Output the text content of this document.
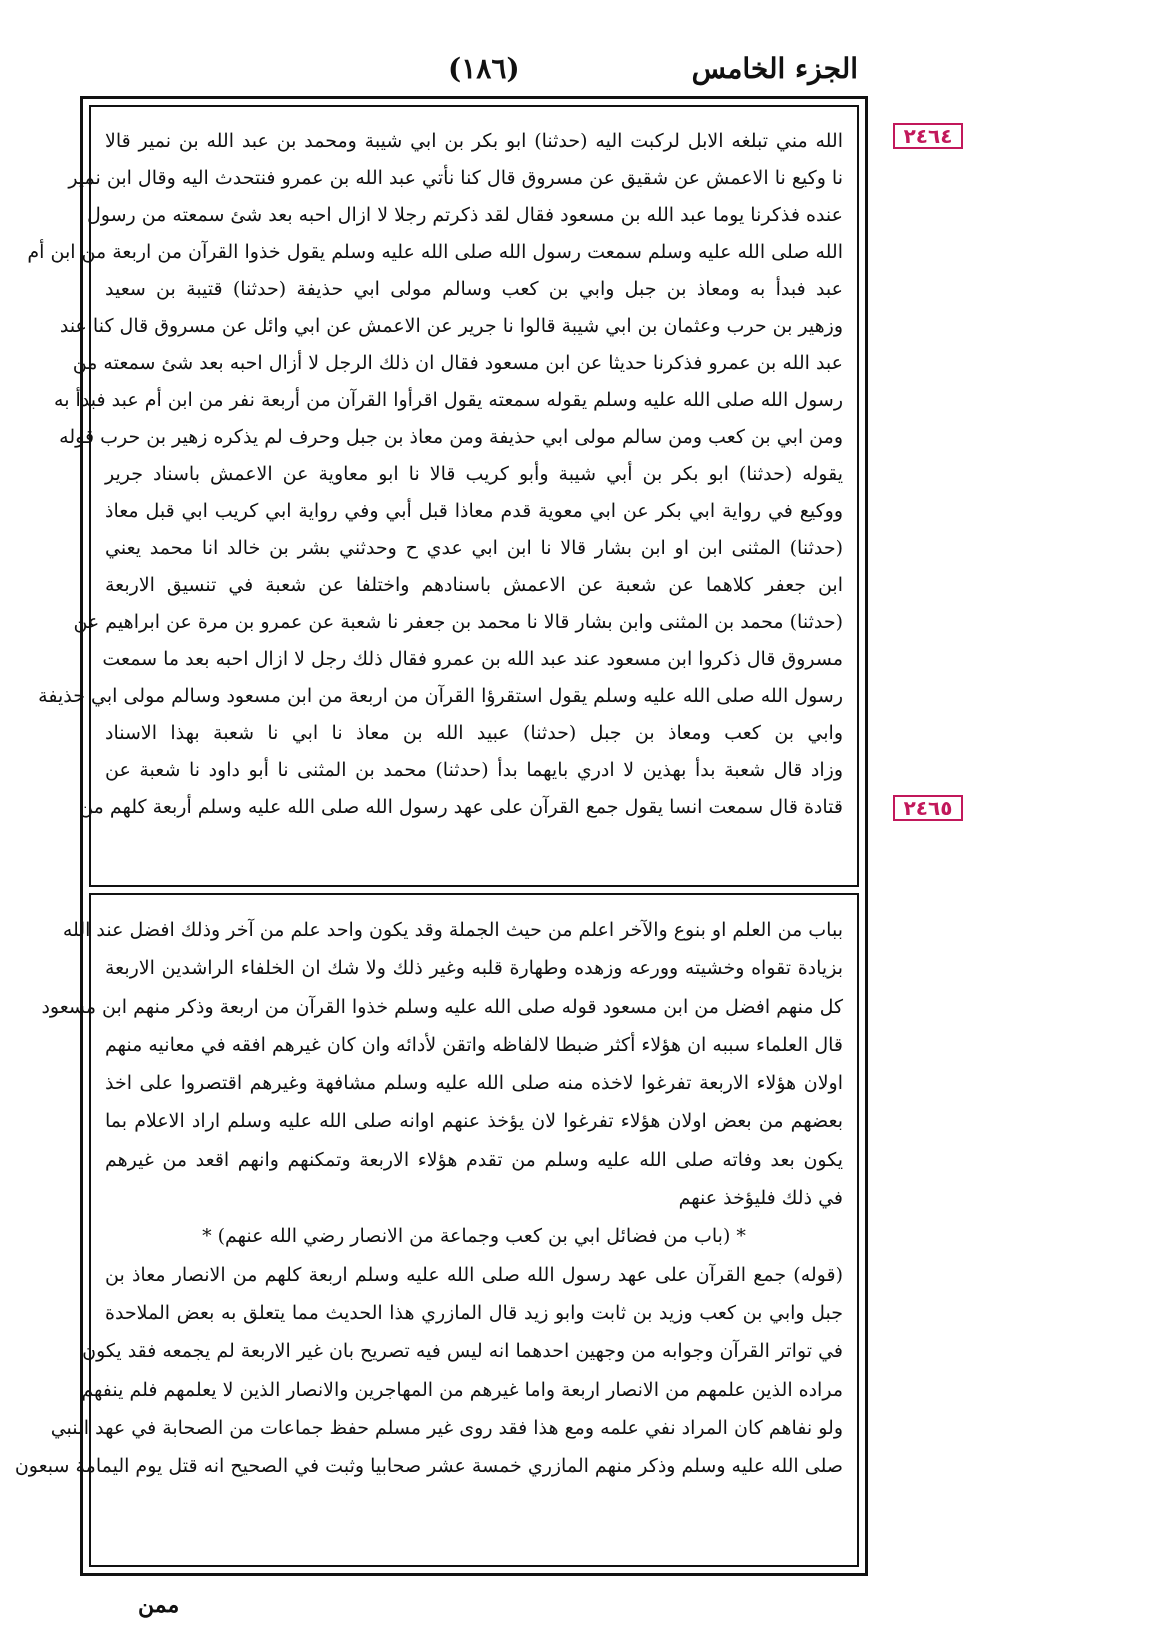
الجزء الخامس
(١٨٦)
٢٤٦٤
٢٤٦٥
الله مني تبلغه الابل لركبت اليه (حدثنا) ابو بكر بن ابي شيبة ومحمد بن عبد الله بن نمير قالا
نا وكيع نا الاعمش عن شقيق عن مسروق قال كنا نأتي عبد الله بن عمرو فنتحدث اليه وقال ابن نمير
عنده فذكرنا يوما عبد الله بن مسعود فقال لقد ذكرتم رجلا لا ازال احبه بعد شئ سمعته من رسول
الله صلى الله عليه وسلم سمعت رسول الله صلى الله عليه وسلم يقول خذوا القرآن من اربعة من ابن أم
عبد فبدأ به ومعاذ بن جبل وابي بن كعب وسالم مولى ابي حذيفة (حدثنا) قتيبة بن سعيد
وزهير بن حرب وعثمان بن ابي شيبة قالوا نا جرير عن الاعمش عن ابي وائل عن مسروق قال كنا عند
عبد الله بن عمرو فذكرنا حديثا عن ابن مسعود فقال ان ذلك الرجل لا أزال احبه بعد شئ سمعته من
رسول الله صلى الله عليه وسلم يقوله سمعته يقول اقرأوا القرآن من أربعة نفر من ابن أم عبد فبدأ به
ومن ابي بن كعب ومن سالم مولى ابي حذيفة ومن معاذ بن جبل وحرف لم يذكره زهير بن حرب قوله
يقوله (حدثنا) ابو بكر بن أبي شيبة وأبو كريب قالا نا ابو معاوية عن الاعمش باسناد جرير
ووكيع في رواية ابي بكر عن ابي معوية قدم معاذا قبل أبي وفي رواية ابي كريب ابي قبل معاذ
(حدثنا) المثنى ابن او ابن بشار قالا نا ابن ابي عدي ح وحدثني بشر بن خالد انا محمد يعني
ابن جعفر كلاهما عن شعبة عن الاعمش باسنادهم واختلفا عن شعبة في تنسيق الاربعة
(حدثنا) محمد بن المثنى وابن بشار قالا نا محمد بن جعفر نا شعبة عن عمرو بن مرة عن ابراهيم عن
مسروق قال ذكروا ابن مسعود عند عبد الله بن عمرو فقال ذلك رجل لا ازال احبه بعد ما سمعت
رسول الله صلى الله عليه وسلم يقول استقرؤا القرآن من اربعة من ابن مسعود وسالم مولى ابي حذيفة
وابي بن كعب ومعاذ بن جبل (حدثنا) عبيد الله بن معاذ نا ابي نا شعبة بهذا الاسناد
وزاد قال شعبة بدأ بهذين لا ادري بايهما بدأ (حدثنا) محمد بن المثنى نا أبو داود نا شعبة عن
قتادة قال سمعت انسا يقول جمع القرآن على عهد رسول الله صلى الله عليه وسلم أربعة كلهم من
بباب من العلم او بنوع والآخر اعلم من حيث الجملة وقد يكون واحد علم من آخر وذلك افضل عند الله
بزيادة تقواه وخشيته وورعه وزهده وطهارة قلبه وغير ذلك ولا شك ان الخلفاء الراشدين الاربعة
كل منهم افضل من ابن مسعود قوله صلى الله عليه وسلم خذوا القرآن من اربعة وذكر منهم ابن مسعود
قال العلماء سببه ان هؤلاء أكثر ضبطا لالفاظه واتقن لأدائه وان كان غيرهم افقه في معانيه منهم
اولان هؤلاء الاربعة تفرغوا لاخذه منه صلى الله عليه وسلم مشافهة وغيرهم اقتصروا على اخذ
بعضهم من بعض اولان هؤلاء تفرغوا لان يؤخذ عنهم اوانه صلى الله عليه وسلم اراد الاعلام بما
يكون بعد وفاته صلى الله عليه وسلم من تقدم هؤلاء الاربعة وتمكنهم وانهم اقعد من غيرهم
في ذلك فليؤخذ عنهم
* (باب من فضائل ابي بن كعب وجماعة من الانصار رضي الله عنهم) *
(قوله) جمع القرآن على عهد رسول الله صلى الله عليه وسلم اربعة كلهم من الانصار معاذ بن
جبل وابي بن كعب وزيد بن ثابت وابو زيد قال المازري هذا الحديث مما يتعلق به بعض الملاحدة
في تواتر القرآن وجوابه من وجهين احدهما انه ليس فيه تصريح بان غير الاربعة لم يجمعه فقد يكون
مراده الذين علمهم من الانصار اربعة واما غيرهم من المهاجرين والانصار الذين لا يعلمهم فلم ينفهم
ولو نفاهم كان المراد نفي علمه ومع هذا فقد روى غير مسلم حفظ جماعات من الصحابة في عهد النبي
صلى الله عليه وسلم وذكر منهم المازري خمسة عشر صحابيا وثبت في الصحيح انه قتل يوم اليمامة سبعون
ممن
